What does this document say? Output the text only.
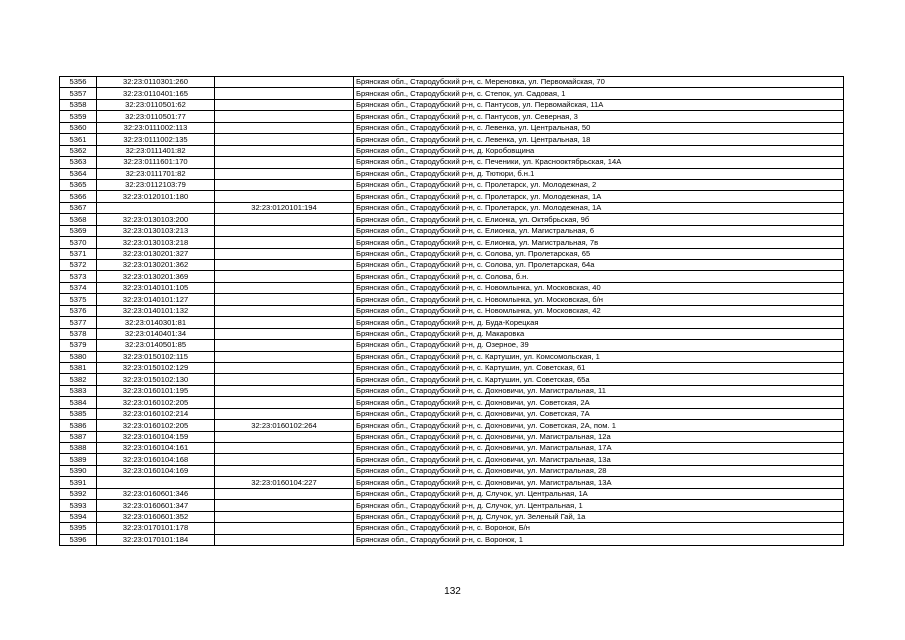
5356	32:23:0110301:260		Брянская обл., Стародубский р-н, с. Мереновка, ул. Первомайская, 70
5357	32:23:0110401:165		Брянская обл., Стародубский р-н, с. Степок, ул. Садовая, 1
5358	32:23:0110501:62		Брянская обл., Стародубский р-н, с. Пантусов, ул. Первомайская, 11А
5359	32:23:0110501:77		Брянская обл., Стародубский р-н, с. Пантусов, ул. Северная, 3
5360	32:23:0111002:113		Брянская обл., Стародубский р-н, с. Левенка, ул. Центральная, 50
5361	32:23:0111002:135		Брянская обл., Стародубский р-н, с. Левенка, ул. Центральная, 18
5362	32:23:0111401:82		Брянская обл., Стародубский р-н, д. Коробовщина
5363	32:23:0111601:170		Брянская обл., Стародубский р-н, с. Печеники, ул. Краснооктябрьская, 14А
5364	32:23:0111701:82		Брянская обл., Стародубский р-н, д. Тютюри, б.н.1
5365	32:23:0112103:79		Брянская обл., Стародубский р-н, с. Пролетарск, ул. Молодежная, 2
5366	32:23:0120101:180		Брянская обл., Стародубский р-н, с. Пролетарск, ул. Молодежная, 1А
5367		32:23:0120101:194	Брянская обл., Стародубский р-н, с. Пролетарск, ул. Молодежная, 1А
5368	32:23:0130103:200		Брянская обл., Стародубский р-н, с. Елионка, ул. Октябрьская, 9б
5369	32:23:0130103:213		Брянская обл., Стародубский р-н, с. Елионка, ул. Магистральная, 6
5370	32:23:0130103:218		Брянская обл., Стародубский р-н, с. Елионка, ул. Магистральная, 7в
5371	32:23:0130201:327		Брянская обл., Стародубский р-н, с. Солова, ул. Пролетарская, 65
5372	32:23:0130201:362		Брянская обл., Стародубский р-н, с. Солова, ул. Пролетарская, 64а
5373	32:23:0130201:369		Брянская обл., Стародубский р-н, с. Солова, б.н.
5374	32:23:0140101:105		Брянская обл., Стародубский р-н, с. Новомлынка, ул. Московская, 40
5375	32:23:0140101:127		Брянская обл., Стародубский р-н, с. Новомлынка, ул. Московская, б/н
5376	32:23:0140101:132		Брянская обл., Стародубский р-н, с. Новомлынка, ул. Московская, 42
5377	32:23:0140301:81		Брянская обл., Стародубский р-н, д. Буда-Корецкая
5378	32:23:0140401:34		Брянская обл., Стародубский р-н, д. Макаровка
5379	32:23:0140501:85		Брянская обл., Стародубский р-н, д. Озерное, 39
5380	32:23:0150102:115		Брянская обл., Стародубский р-н, с. Картушин, ул. Комсомольская, 1
5381	32:23:0150102:129		Брянская обл., Стародубский р-н, с. Картушин, ул. Советская, 61
5382	32:23:0150102:130		Брянская обл., Стародубский р-н, с. Картушин, ул. Советская, 65а
5383	32:23:0160101:195		Брянская обл., Стародубский р-н, с. Дохновичи, ул. Магистральная, 11
5384	32:23:0160102:205		Брянская обл., Стародубский р-н, с. Дохновичи, ул. Советская, 2А
5385	32:23:0160102:214		Брянская обл., Стародубский р-н, с. Дохновичи, ул. Советская, 7А
5386	32:23:0160102:205	32:23:0160102:264	Брянская обл., Стародубский р-н, с. Дохновичи, ул. Советская, 2А, пом. 1
5387	32:23:0160104:159		Брянская обл., Стародубский р-н, с. Дохновичи, ул. Магистральная, 12а
5388	32:23:0160104:161		Брянская обл., Стародубский р-н, с. Дохновичи, ул. Магистральная, 17А
5389	32:23:0160104:168		Брянская обл., Стародубский р-н, с. Дохновичи, ул. Магистральная, 13а
5390	32:23:0160104:169		Брянская обл., Стародубский р-н, с. Дохновичи, ул. Магистральная, 28
5391		32:23:0160104:227	Брянская обл., Стародубский р-н, с. Дохновичи, ул. Магистральная, 13А
5392	32:23:0160601:346		Брянская обл., Стародубский р-н, д. Случок, ул. Центральная, 1А
5393	32:23:0160601:347		Брянская обл., Стародубский р-н, д. Случок, ул. Центральная, 1
5394	32:23:0160601:352		Брянская обл., Стародубский р-н, д. Случок, ул. Зеленый Гай, 1а
5395	32:23:0170101:178		Брянская обл., Стародубский р-н, с. Воронок, Б/н
5396	32:23:0170101:184		Брянская обл., Стародубский р-н, с. Воронок, 1
132
